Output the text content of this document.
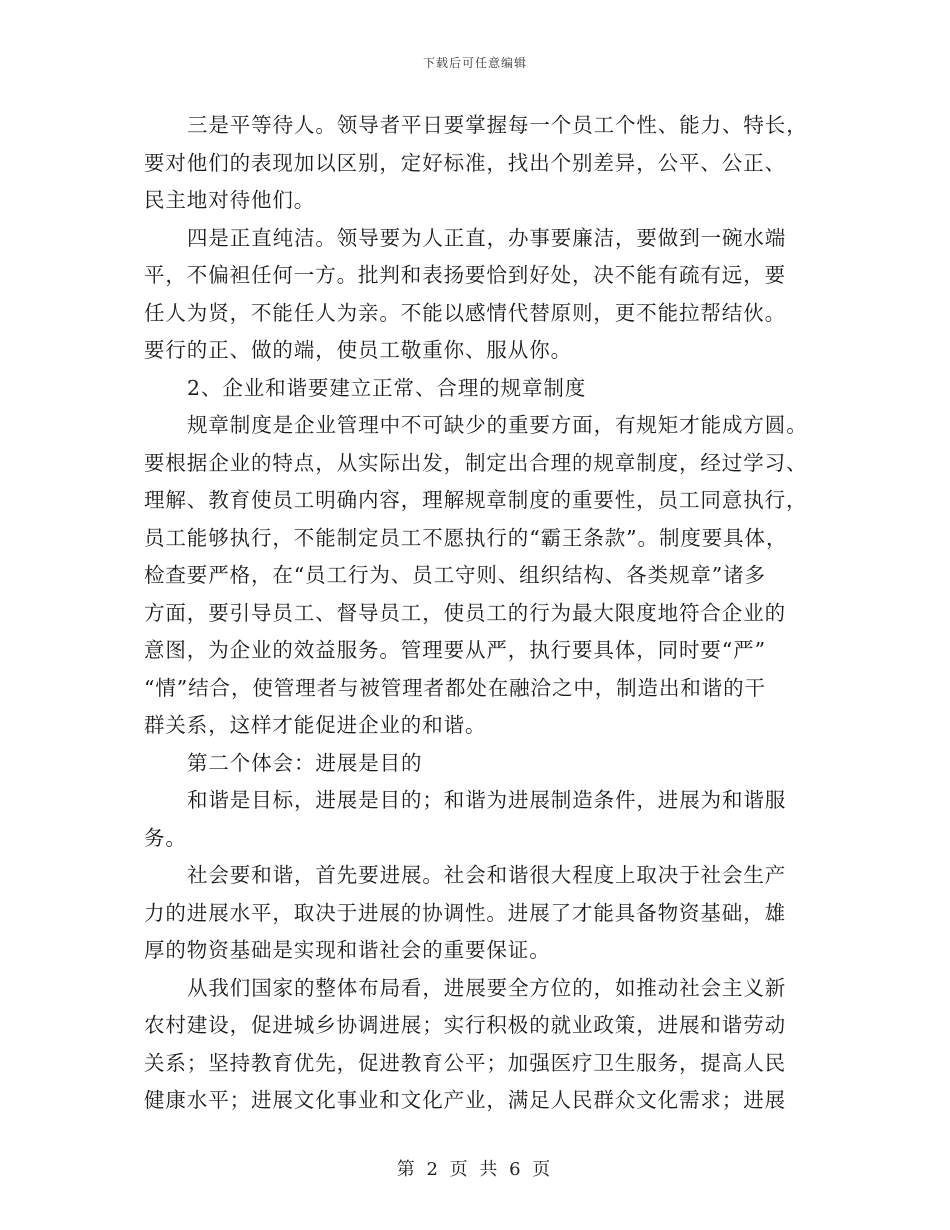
下载后可任意编辑
三是平等待人。领导者平日要掌握每一个员工个性、能力、特长，
要对他们的表现加以区别，定好标准，找出个别差异，公平、公正、
民主地对待他们。
四是正直纯洁。领导要为人正直，办事要廉洁，要做到一碗水端
平，不偏袒任何一方。批判和表扬要恰到好处，决不能有疏有远，要
任人为贤，不能任人为亲。不能以感情代替原则，更不能拉帮结伙。
要行的正、做的端，使员工敬重你、服从你。
2、企业和谐要建立正常、合理的规章制度
规章制度是企业管理中不可缺少的重要方面，有规矩才能成方圆。
要根据企业的特点，从实际出发，制定出合理的规章制度，经过学习、
理解、教育使员工明确内容，理解规章制度的重要性，员工同意执行，
员工能够执行，不能制定员工不愿执行的“霸王条款”。制度要具体，
检查要严格，在“员工行为、员工守则、组织结构、各类规章”诸多
方面，要引导员工、督导员工，使员工的行为最大限度地符合企业的
意图，为企业的效益服务。管理要从严，执行要具体，同时要“严”
“情”结合，使管理者与被管理者都处在融洽之中，制造出和谐的干
群关系，这样才能促进企业的和谐。
第二个体会：进展是目的
和谐是目标，进展是目的；和谐为进展制造条件，进展为和谐服
务。
社会要和谐，首先要进展。社会和谐很大程度上取决于社会生产
力的进展水平，取决于进展的协调性。进展了才能具备物资基础，雄
厚的物资基础是实现和谐社会的重要保证。
从我们国家的整体布局看，进展要全方位的，如推动社会主义新
农村建设，促进城乡协调进展；实行积极的就业政策，进展和谐劳动
关系；坚持教育优先，促进教育公平；加强医疗卫生服务，提高人民
健康水平；进展文化事业和文化产业，满足人民群众文化需求；进展
第 2 页 共 6 页
